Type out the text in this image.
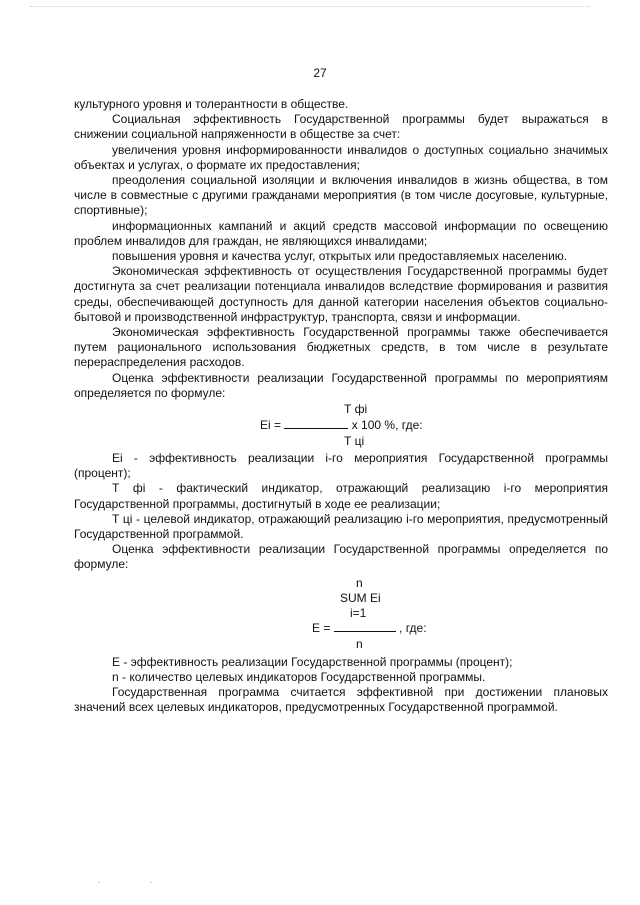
27

культурного уровня и толерантности в обществе.

Социальная эффективность Государственной программы будет выражаться в снижении социальной напряженности в обществе за счет:

увеличения уровня информированности инвалидов о доступных социально значимых объектах и услугах, о формате их предоставления;

преодоления социальной изоляции и включения инвалидов в жизнь общества, в том числе в совместные с другими гражданами мероприятия (в том числе досуговые, культурные, спортивные);

информационных кампаний и акций средств массовой информации по освещению проблем инвалидов для граждан, не являющихся инвалидами;

повышения уровня и качества услуг, открытых или предоставляемых населению.

Экономическая эффективность от осуществления Государственной программы будет достигнута за счет реализации потенциала инвалидов вследствие формирования и развития среды, обеспечивающей доступность для данной категории населения объектов социально-бытовой и производственной инфраструктур, транспорта, связи и информации.

Экономическая эффективность Государственной программы также обеспечивается путем рационального использования бюджетных средств, в том числе в результате перераспределения расходов.

Оценка эффективности реализации Государственной программы по мероприятиям определяется по формуле:

Т фi
Ei =	x 100 %, где:
Т цi

Ei - эффективность реализации i-го мероприятия Государственной программы (процент);

Т фi - фактический индикатор, отражающий реализацию i-го мероприятия Государственной программы, достигнутый в ходе ее реализации;

Т цi - целевой индикатор, отражающий реализацию i-го мероприятия, предусмотренный Государственной программой.

Оценка эффективности реализации Государственной программы определяется по формуле:

n
SUM Ei
i=1
E =	, где:
n

E - эффективность реализации Государственной программы (процент);

n - количество целевых индикаторов Государственной программы.

Государственная программа считается эффективной при достижении плановых значений всех целевых индикаторов, предусмотренных Государственной программой.
